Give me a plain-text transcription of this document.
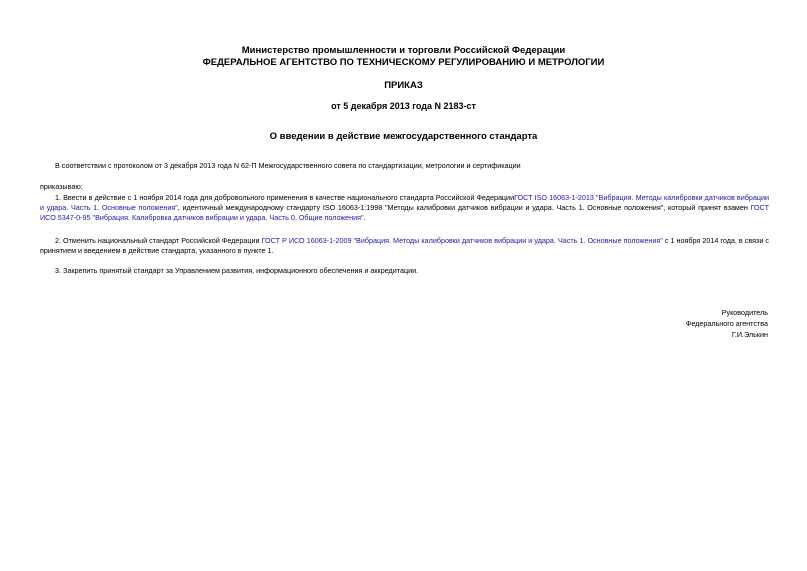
Министерство промышленности и торговли Российской Федерации
ФЕДЕРАЛЬНОЕ АГЕНТСТВО ПО ТЕХНИЧЕСКОМУ РЕГУЛИРОВАНИЮ И МЕТРОЛОГИИ
ПРИКАЗ
от 5 декабря 2013 года N 2183-ст
О введении в действие межгосударственного стандарта
В соответствии с протоколом от 3 декабря 2013 года N 62-П Межгосударственного совета по стандартизации, метрологии и сертификации
приказываю:
1. Ввести в действие с 1 ноября 2014 года для добровольного применения в качестве национального стандарта Российской ФедерацииГОСТ ISO 16063-1-2013 "Вибрация. Методы калибровки датчиков вибрации и удара. Часть 1. Основные положения", идентичный международному стандарту ISO 16063-1:1998 "Методы калибровки датчиков вибрации и удара. Часть 1. Основные положения", который принят взамен ГОСТ ИСО 5347-0-95 "Вибрация. Калибровка датчиков вибрации и удара. Часть 0. Общие положения".
2. Отменить национальный стандарт Российской Федерации ГОСТ Р ИСО 16063-1-2009 "Вибрация. Методы калибровки датчиков вибрации и удара. Часть 1. Основные положения" с 1 ноября 2014 года, в связи с принятием и введением в действие стандарта, указанного в пункте 1.
3. Закрепить принятый стандарт за Управлением развития, информационного обеспечения и аккредитации.
Руководитель
Федерального агентства
Г.И.Элькин
